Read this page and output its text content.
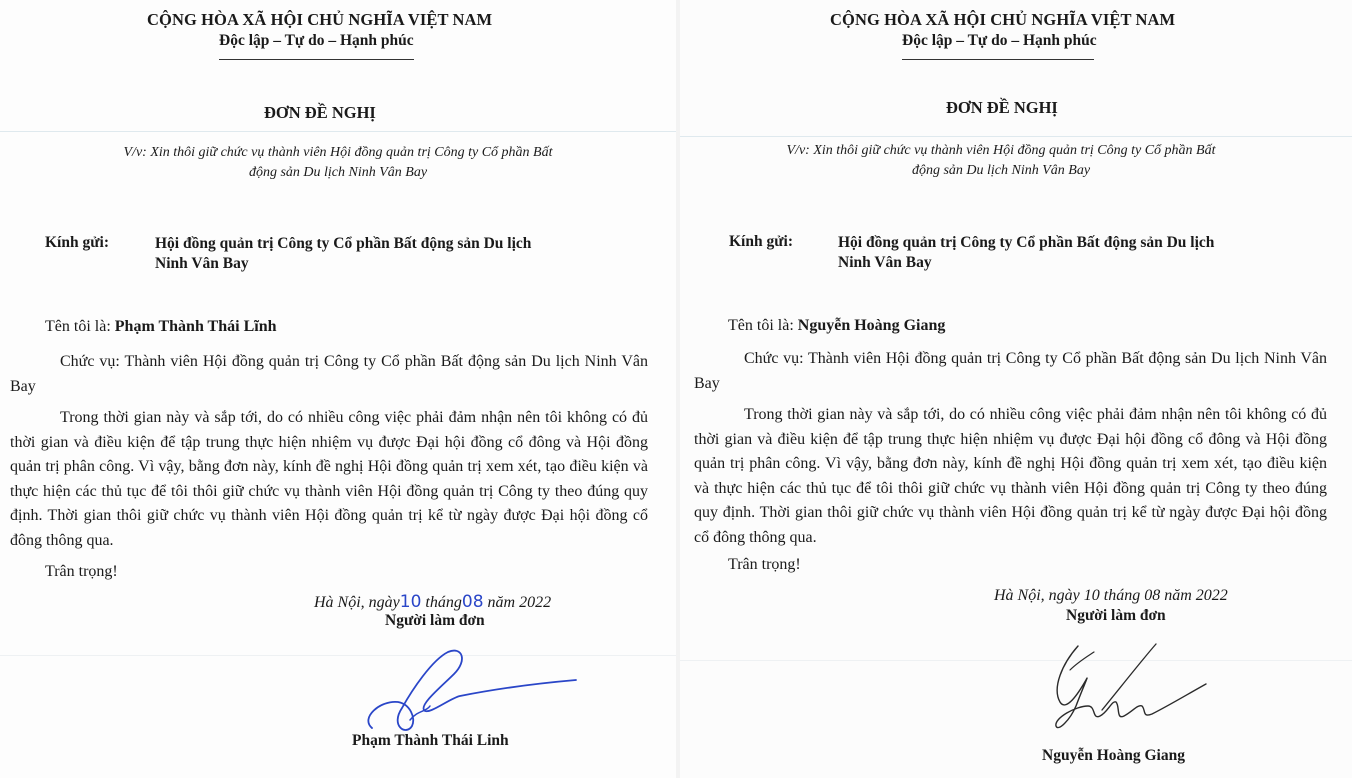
CỘNG HÒA XÃ HỘI CHỦ NGHĨA VIỆT NAM
Độc lập – Tự do – Hạnh phúc
ĐƠN ĐỀ NGHỊ
V/v: Xin thôi giữ chức vụ thành viên Hội đồng quản trị Công ty Cổ phần Bất
động sản Du lịch Ninh Vân Bay
Kính gửi:	Hội đồng quản trị Công ty Cổ phần Bất động sản Du lịch
Ninh Vân Bay
Tên tôi là: Phạm Thành Thái Lĩnh
Chức vụ: Thành viên Hội đồng quản trị Công ty Cổ phần Bất động sản Du lịch Ninh Vân Bay
Trong thời gian này và sắp tới, do có nhiều công việc phải đảm nhận nên tôi không có đủ thời gian và điều kiện để tập trung thực hiện nhiệm vụ được Đại hội đồng cổ đông và Hội đồng quản trị phân công. Vì vậy, bằng đơn này, kính đề nghị Hội đồng quản trị xem xét, tạo điều kiện và thực hiện các thủ tục để tôi thôi giữ chức vụ thành viên Hội đồng quản trị Công ty theo đúng quy định. Thời gian thôi giữ chức vụ thành viên Hội đồng quản trị kể từ ngày được Đại hội đồng cổ đông thông qua.
Trân trọng!
Hà Nội, ngày10 tháng08 năm 2022
Người làm đơn
Phạm Thành Thái Linh
CỘNG HÒA XÃ HỘI CHỦ NGHĨA VIỆT NAM
Độc lập – Tự do – Hạnh phúc
ĐƠN ĐỀ NGHỊ
V/v: Xin thôi giữ chức vụ thành viên Hội đồng quản trị Công ty Cổ phần Bất
động sản Du lịch Ninh Vân Bay
Kính gửi:	Hội đồng quản trị Công ty Cổ phần Bất động sản Du lịch
Ninh Vân Bay
Tên tôi là: Nguyễn Hoàng Giang
Chức vụ: Thành viên Hội đồng quản trị Công ty Cổ phần Bất động sản Du lịch Ninh Vân Bay
Trong thời gian này và sắp tới, do có nhiều công việc phải đảm nhận nên tôi không có đủ thời gian và điều kiện để tập trung thực hiện nhiệm vụ được Đại hội đồng cổ đông và Hội đồng quản trị phân công. Vì vậy, bằng đơn này, kính đề nghị Hội đồng quản trị xem xét, tạo điều kiện và thực hiện các thủ tục để tôi thôi giữ chức vụ thành viên Hội đồng quản trị Công ty theo đúng quy định. Thời gian thôi giữ chức vụ thành viên Hội đồng quản trị kể từ ngày được Đại hội đồng cổ đông thông qua.
Trân trọng!
Hà Nội, ngày 10 tháng 08 năm 2022
Người làm đơn
Nguyễn Hoàng Giang
